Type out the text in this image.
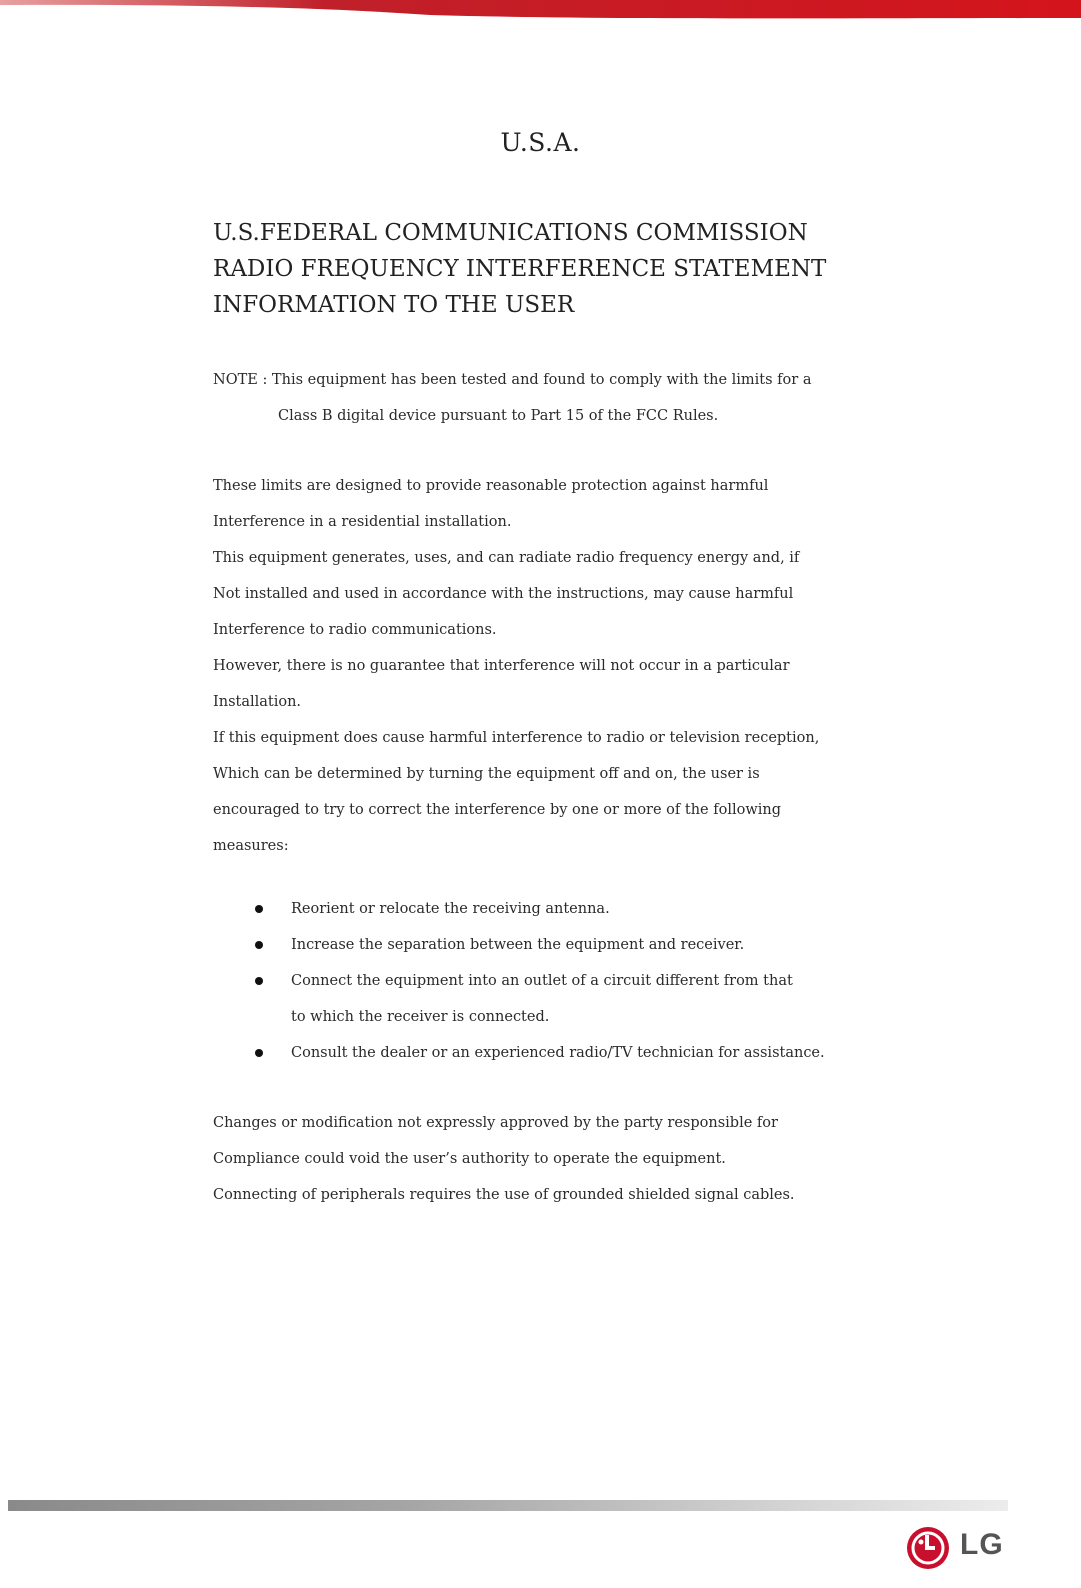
U.S.A.
U.S.FEDERAL COMMUNICATIONS COMMISSION
RADIO FREQUENCY INTERFERENCE STATEMENT
INFORMATION TO THE USER
NOTE : This equipment has been tested and found to comply with the limits for a
Class B digital device pursuant to Part 15 of the FCC Rules.
These limits are designed to provide reasonable protection against harmful
Interference in a residential installation.
This equipment generates, uses, and can radiate radio frequency energy and, if
Not installed and used in accordance with the instructions, may cause harmful
Interference to radio communications.
However, there is no guarantee that interference will not occur in a particular
Installation.
If this equipment does cause harmful interference to radio or television reception,
Which can be determined by turning the equipment off and on, the user is
encouraged to try to correct the interference by one or more of the following
measures:
Reorient or relocate the receiving antenna.
Increase the separation between the equipment and receiver.
Connect the equipment into an outlet of a circuit different from that
to which the receiver is connected.
Consult the dealer or an experienced radio/TV technician for assistance.
Changes or modification not expressly approved by the party responsible for
Compliance could void the user’s authority to operate the equipment.
Connecting of peripherals requires the use of grounded shielded signal cables.
LG
